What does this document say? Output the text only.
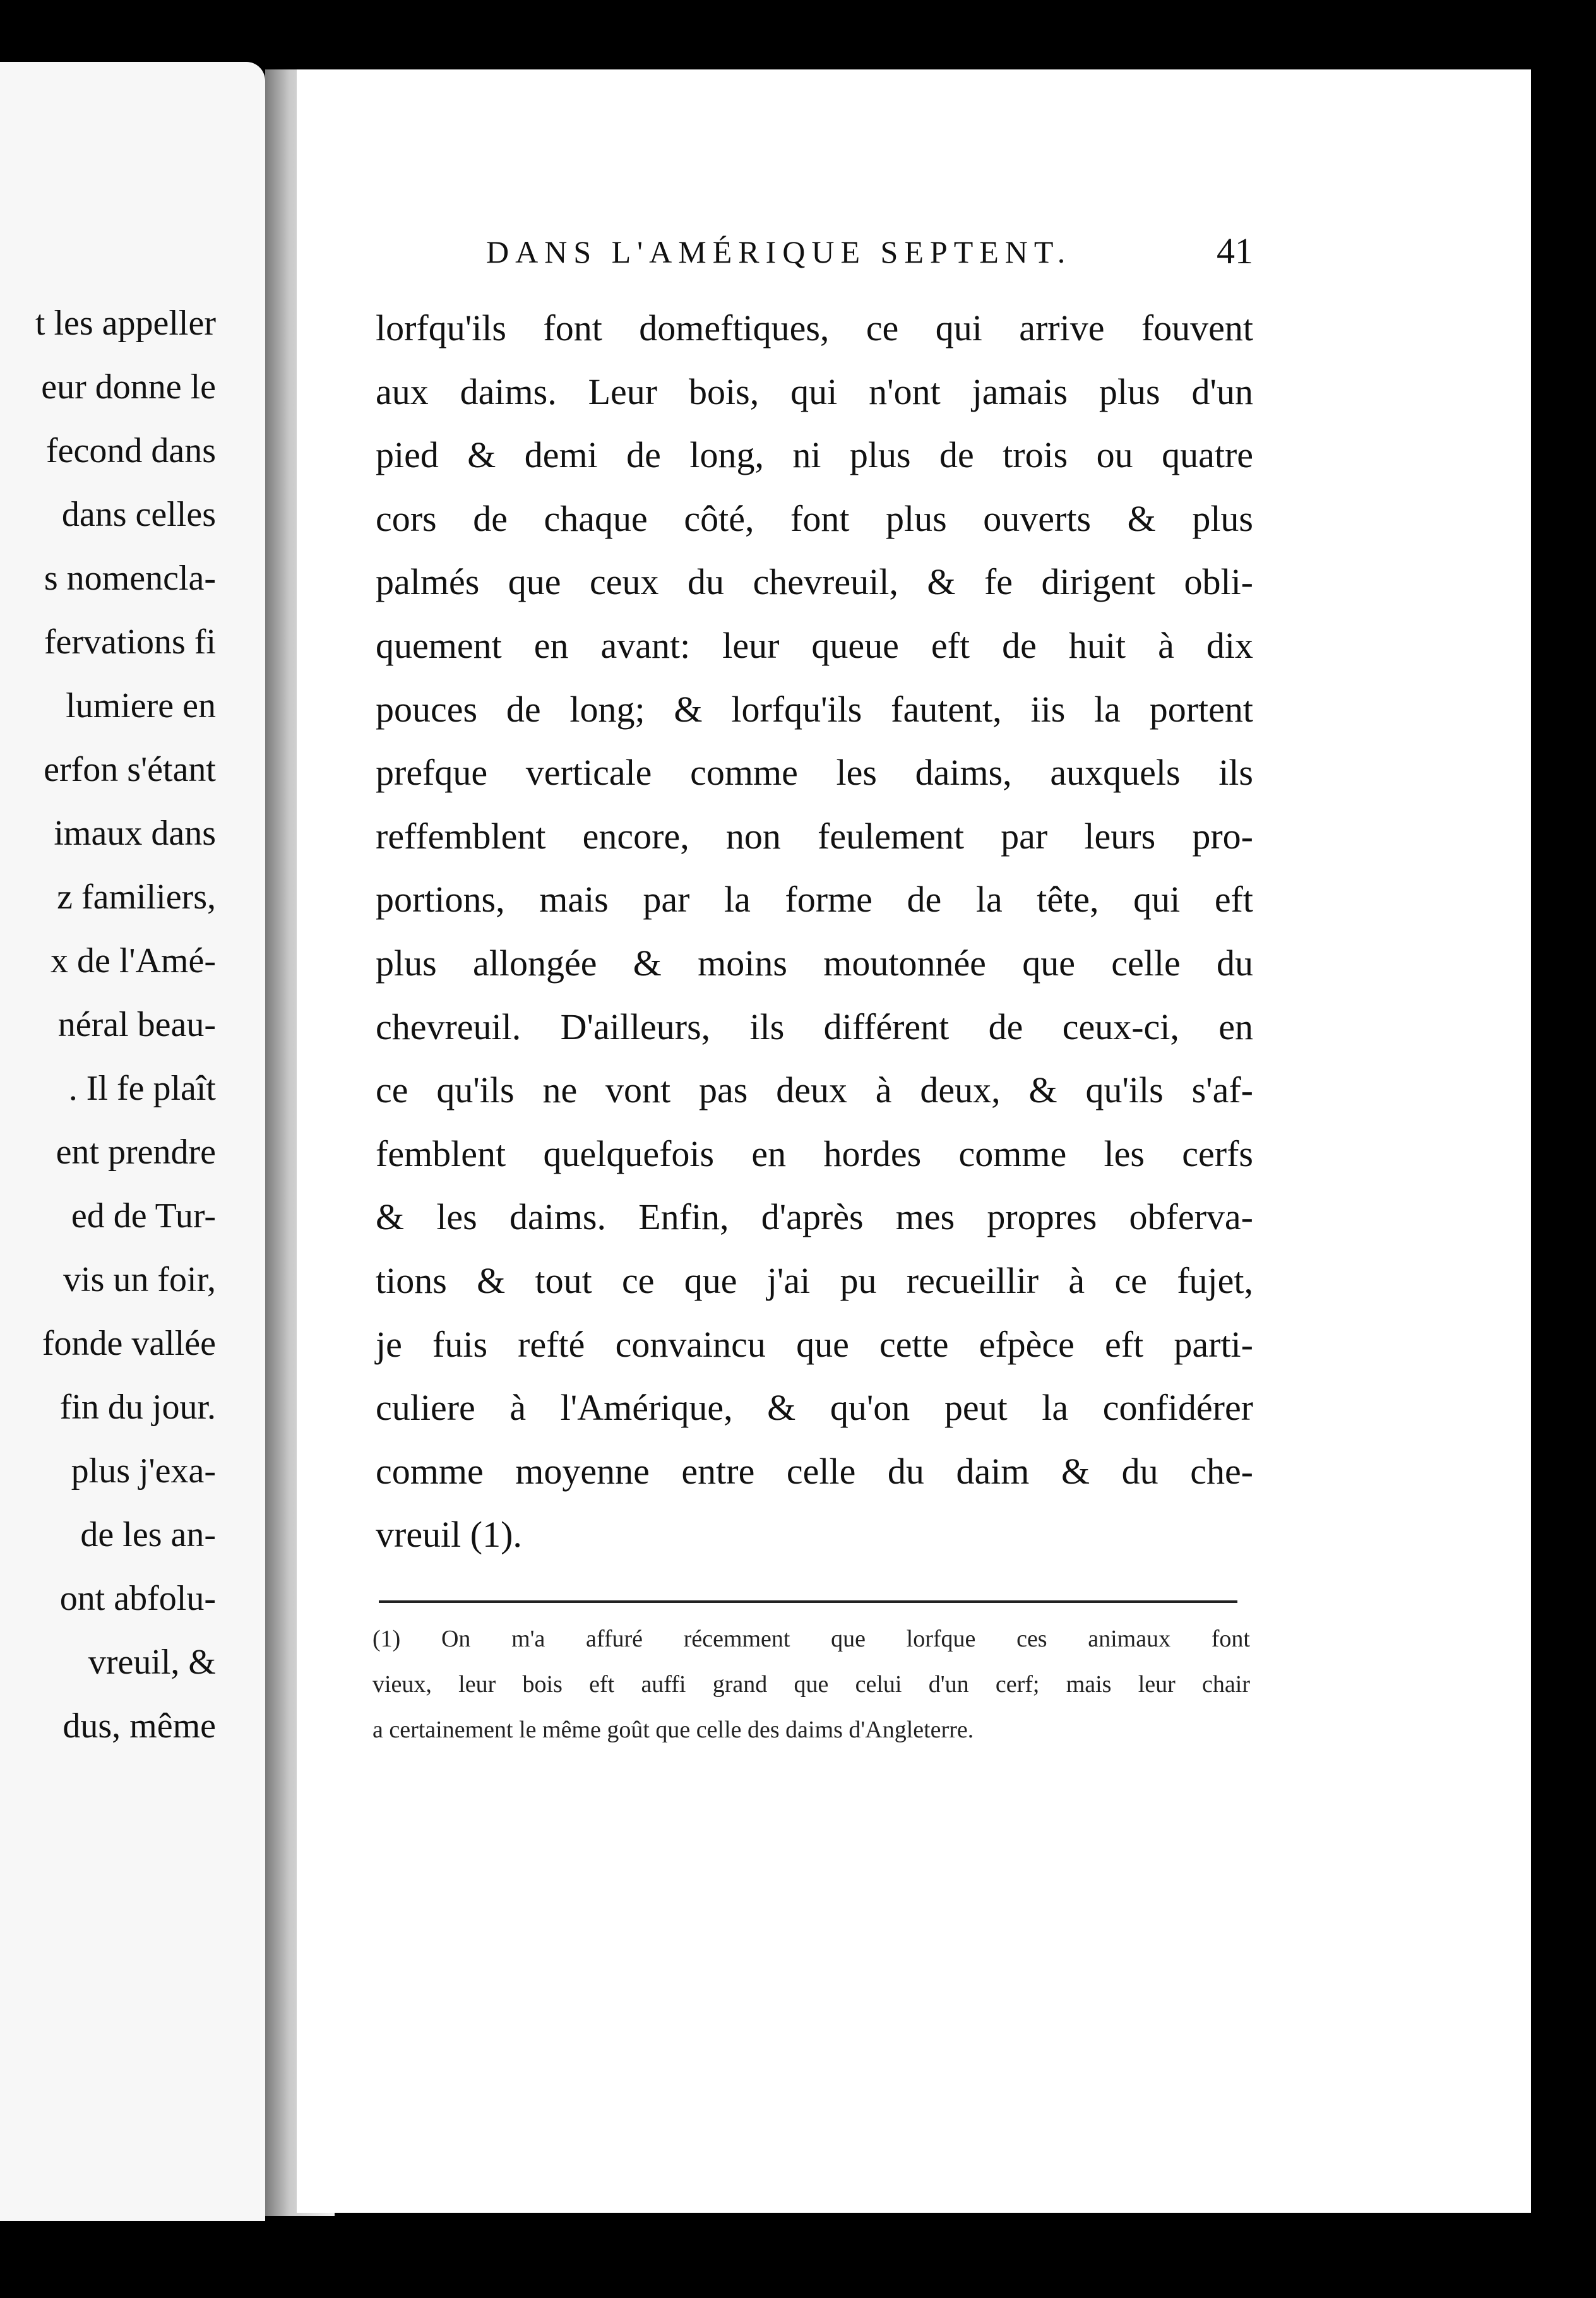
t les appeller

eur donne le

fecond dans

dans celles

s nomencla-

fervations fi

lumiere en

erfon s'étant

imaux dans

z familiers,

x de l'Amé-

néral beau-

. Il fe plaît

ent prendre

ed de Tur-

vis un foir,

fonde vallée

fin du jour.

plus j'exa-

de les an-

ont abfolu-

vreuil, &

dus, même

DANS L'AMÉRIQUE SEPTENT.	41

lorfqu'ils font domeftiques, ce qui arrive fouvent

aux daims. Leur bois, qui n'ont jamais plus d'un

pied & demi de long, ni plus de trois ou quatre

cors de chaque côté, font plus ouverts & plus

palmés que ceux du chevreuil, & fe dirigent obli-

quement en avant: leur queue eft de huit à dix

pouces de long; & lorfqu'ils fautent, iis la portent

prefque verticale comme les daims, auxquels ils

reffemblent encore, non feulement par leurs pro-

portions, mais par la forme de la tête, qui eft

plus allongée & moins moutonnée que celle du

chevreuil. D'ailleurs, ils différent de ceux-ci, en

ce qu'ils ne vont pas deux à deux, & qu'ils s'af-

femblent quelquefois en hordes comme les cerfs

& les daims. Enfin, d'après mes propres obferva-

tions & tout ce que j'ai pu recueillir à ce fujet,

je fuis refté convaincu que cette efpèce eft parti-

culiere à l'Amérique, & qu'on peut la confidérer

comme moyenne entre celle du daim & du che-

vreuil (1).

(1) On m'a affuré récemment que lorfque ces animaux font

vieux, leur bois eft auffi grand que celui d'un cerf; mais leur chair

a certainement le même goût que celle des daims d'Angleterre.
